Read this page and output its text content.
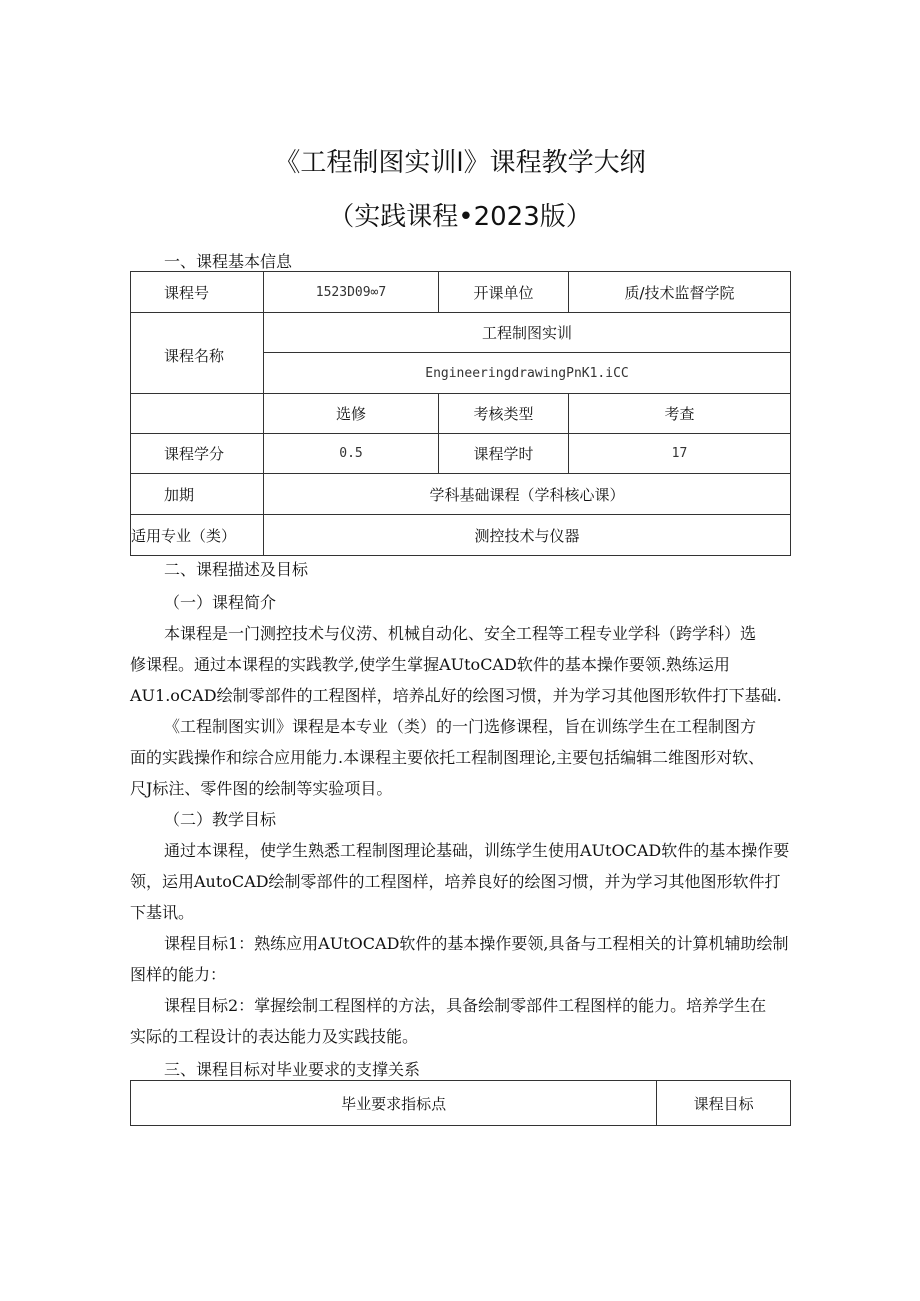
《工程制图实训l》课程教学大纲
（实践课程•2023版）
一、课程基本信息
课程号	1523D09∞7	开课单位	质/技术监督学院
课程名称	工程制图实训		
	EngineeringdrawingPnK1.iCC		
	选修	考核类型	考查
课程学分	0.5	课程学时	17
加期	学科基础课程（学科核心课）		
适用专业（类）	测控技术与仪器		
二、课程描述及目标
（一）课程简介
本课程是一门测控技术与仪涝、机械自动化、安全工程等工程专业学科（跨学科）选
修课程。通过本课程的实践教学,使学生掌握AUtoCAD软件的基本操作要领.熟练运用
AU1.oCAD绘制零部件的工程图样，培养乩好的绘图习惯，并为学习其他图形软件打下基础.
《工程制图实训》课程是本专业（类）的一门选修课程，旨在训练学生在工程制图方
面的实践操作和综合应用能力.本课程主要依托工程制图理论,主要包括编辑二维图形对软、
尺J标注、零件图的绘制等实验项目。
（二）教学目标
通过本课程，使学生熟悉工程制图理论基础，训练学生使用AUtOCAD软件的基本操作要
领，运用AutoCAD绘制零部件的工程图样，培养良好的绘图习惯，并为学习其他图形软件打
下基讯。
课程目标1：熟练应用AUtOCAD软件的基本操作要领,具备与工程相关的计算机辅助绘制
图样的能力：
课程目标2：掌握绘制工程图样的方法，具备绘制零部件工程图样的能力。培养学生在
实际的工程设计的表达能力及实践技能。
三、课程目标对毕业要求的支撑关系
毕业要求指标点	课程目标
